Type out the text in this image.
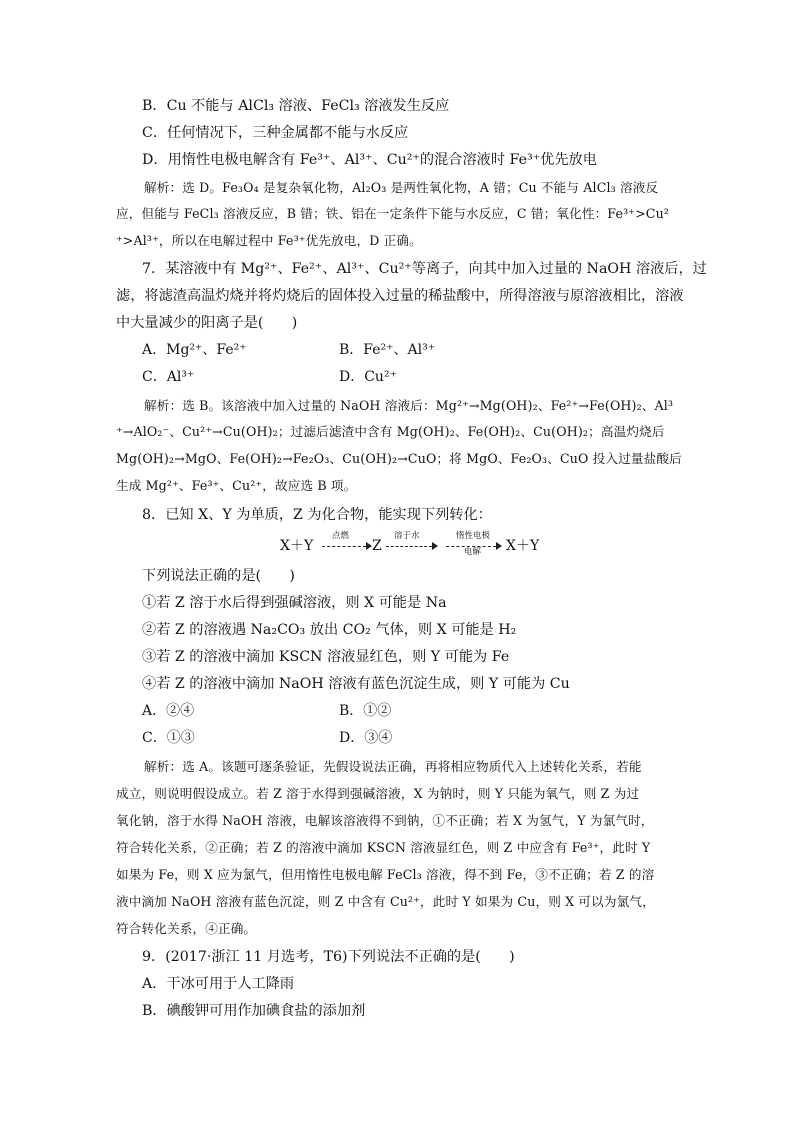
B．Cu 不能与 AlCl₃ 溶液、FeCl₃ 溶液发生反应
C．任何情况下，三种金属都不能与水反应
D．用惰性电极电解含有 Fe³⁺、Al³⁺、Cu²⁺的混合溶液时 Fe³⁺优先放电
解析：选 D。Fe₃O₄ 是复杂氧化物，Al₂O₃ 是两性氧化物，A 错；Cu 不能与 AlCl₃ 溶液反
应，但能与 FeCl₃ 溶液反应，B 错；铁、铝在一定条件下能与水反应，C 错；氧化性：Fe³⁺>Cu²
⁺>Al³⁺，所以在电解过程中 Fe³⁺优先放电，D 正确。
7．某溶液中有 Mg²⁺、Fe²⁺、Al³⁺、Cu²⁺等离子，向其中加入过量的 NaOH 溶液后，过
滤，将滤渣高温灼烧并将灼烧后的固体投入过量的稀盐酸中，所得溶液与原溶液相比，溶液
中大量减少的阳离子是(　　)
A．Mg²⁺、Fe²⁺	B．Fe²⁺、Al³⁺
C．Al³⁺	D．Cu²⁺
解析：选 B。该溶液中加入过量的 NaOH 溶液后：Mg²⁺→Mg(OH)₂、Fe²⁺→Fe(OH)₂、Al³
⁺→AlO₂⁻、Cu²⁺→Cu(OH)₂；过滤后滤渣中含有 Mg(OH)₂、Fe(OH)₂、Cu(OH)₂；高温灼烧后
Mg(OH)₂→MgO、Fe(OH)₂→Fe₂O₃、Cu(OH)₂→CuO；将 MgO、Fe₂O₃、CuO 投入过量盐酸后
生成 Mg²⁺、Fe³⁺、Cu²⁺，故应选 B 项。
8．已知 X、Y 为单质，Z 为化合物，能实现下列转化：
X＋Y
点燃
Z
溶于水	惰性电极
电解 X＋Y
下列说法正确的是(　　)
①若 Z 溶于水后得到强碱溶液，则 X 可能是 Na
②若 Z 的溶液遇 Na₂CO₃ 放出 CO₂ 气体，则 X 可能是 H₂
③若 Z 的溶液中滴加 KSCN 溶液显红色，则 Y 可能为 Fe
④若 Z 的溶液中滴加 NaOH 溶液有蓝色沉淀生成，则 Y 可能为 Cu
A．②④	B．①②
C．①③	D．③④
解析：选 A。该题可逐条验证，先假设说法正确，再将相应物质代入上述转化关系，若能
成立，则说明假设成立。若 Z 溶于水得到强碱溶液，X 为钠时，则 Y 只能为氧气，则 Z 为过
氧化钠，溶于水得 NaOH 溶液，电解该溶液得不到钠，①不正确；若 X 为氢气，Y 为氯气时，
符合转化关系，②正确；若 Z 的溶液中滴加 KSCN 溶液显红色，则 Z 中应含有 Fe³⁺，此时 Y
如果为 Fe，则 X 应为氯气，但用惰性电极电解 FeCl₃ 溶液，得不到 Fe，③不正确；若 Z 的溶
液中滴加 NaOH 溶液有蓝色沉淀，则 Z 中含有 Cu²⁺，此时 Y 如果为 Cu，则 X 可以为氯气，
符合转化关系，④正确。
9．(2017·浙江 11 月选考，T6)下列说法不正确的是(　　)
A．干冰可用于人工降雨
B．碘酸钾可用作加碘食盐的添加剂
